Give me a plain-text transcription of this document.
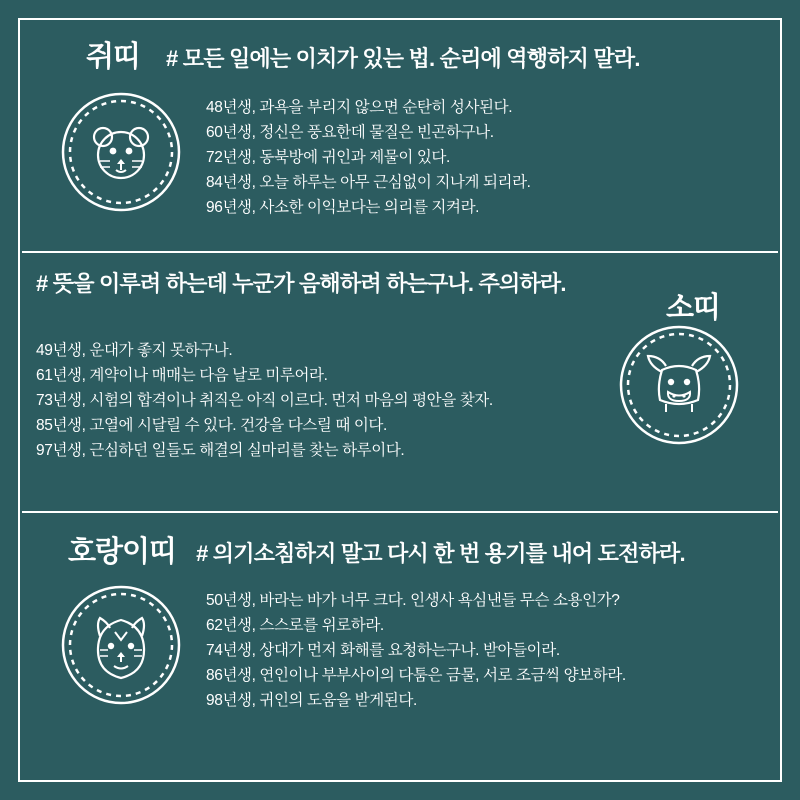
쥐띠 # 모든 일에는 이치가 있는 법. 순리에 역행하지 말라.
48년생, 과욕을 부리지 않으면 순탄히 성사된다.
60년생, 정신은 풍요한데 물질은 빈곤하구나.
72년생, 동북방에 귀인과 제물이 있다.
84년생, 오늘 하루는 아무 근심없이 지나게 되리라.
96년생, 사소한 이익보다는 의리를 지켜라.
# 뜻을 이루려 하는데 누군가 음해하려 하는구나. 주의하라.
소띠
49년생, 운대가 좋지 못하구나.
61년생, 계약이나 매매는 다음 날로 미루어라.
73년생, 시험의 합격이나 취직은 아직 이르다. 먼저 마음의 평안을 찾자.
85년생, 고열에 시달릴 수 있다. 건강을 다스릴 때 이다.
97년생, 근심하던 일들도 해결의 실마리를 찾는 하루이다.
호랑이띠 # 의기소침하지 말고 다시 한 번 용기를 내어 도전하라.
50년생, 바라는 바가 너무 크다. 인생사 욕심낸들 무슨 소용인가?
62년생, 스스로를 위로하라.
74년생, 상대가 먼저 화해를 요청하는구나. 받아들이라.
86년생, 연인이나 부부사이의 다툼은 금물, 서로 조금씩 양보하라.
98년생, 귀인의 도움을 받게된다.
